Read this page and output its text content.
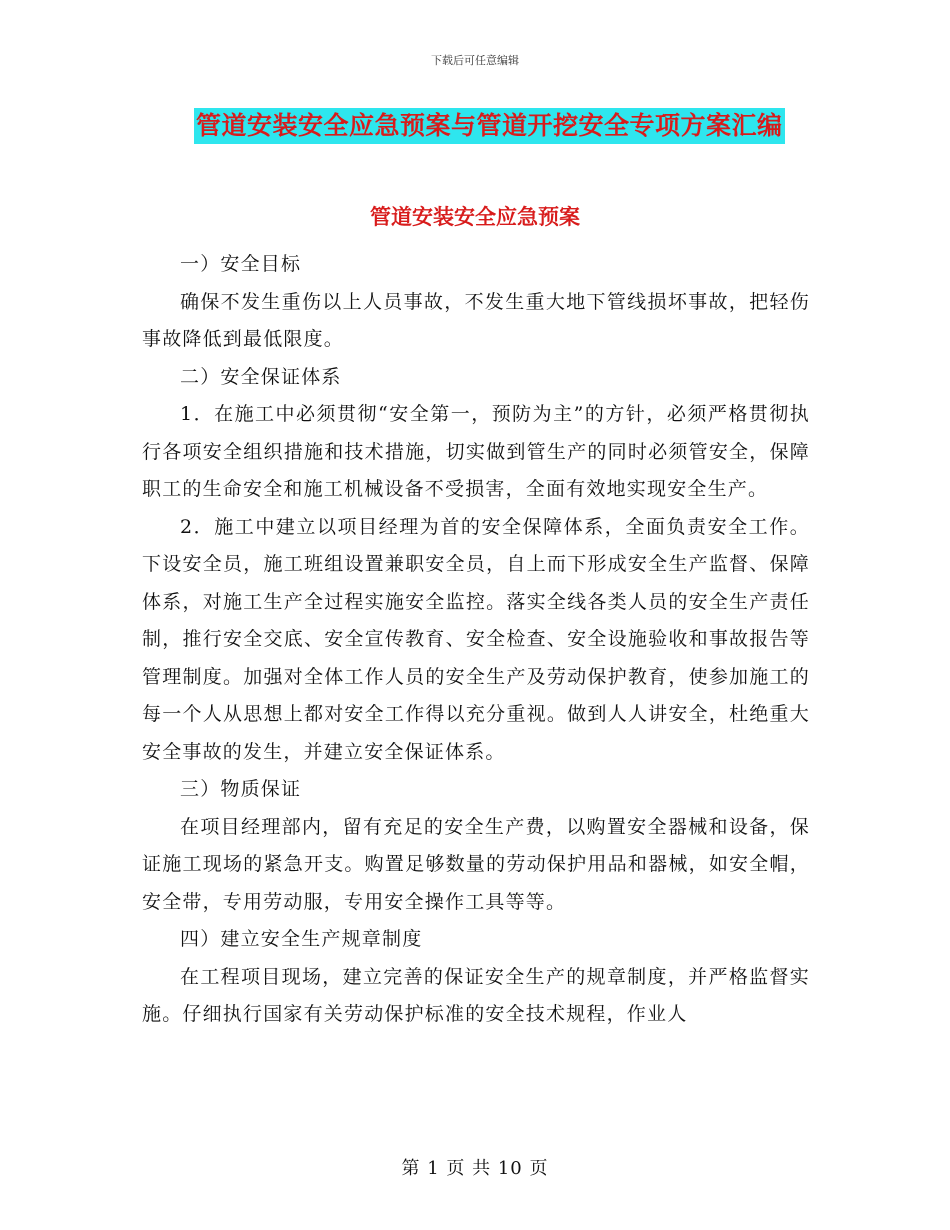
下载后可任意编辑
管道安装安全应急预案与管道开挖安全专项方案汇编
管道安装安全应急预案

一）安全目标

确保不发生重伤以上人员事故，不发生重大地下管线损坏事故，把轻伤事故降低到最低限度。

二）安全保证体系

1．在施工中必须贯彻“安全第一，预防为主”的方针，必须严格贯彻执行各项安全组织措施和技术措施，切实做到管生产的同时必须管安全，保障职工的生命安全和施工机械设备不受损害，全面有效地实现安全生产。

2．施工中建立以项目经理为首的安全保障体系，全面负责安全工作。下设安全员，施工班组设置兼职安全员，自上而下形成安全生产监督、保障体系，对施工生产全过程实施安全监控。落实全线各类人员的安全生产责任制，推行安全交底、安全宣传教育、安全检查、安全设施验收和事故报告等管理制度。加强对全体工作人员的安全生产及劳动保护教育，使参加施工的每一个人从思想上都对安全工作得以充分重视。做到人人讲安全，杜绝重大安全事故的发生，并建立安全保证体系。

三）物质保证

在项目经理部内，留有充足的安全生产费，以购置安全器械和设备，保证施工现场的紧急开支。购置足够数量的劳动保护用品和器械，如安全帽，安全带，专用劳动服，专用安全操作工具等等。

四）建立安全生产规章制度

在工程项目现场，建立完善的保证安全生产的规章制度，并严格监督实施。仔细执行国家有关劳动保护标准的安全技术规程，作业人

第 1 页 共 10 页
